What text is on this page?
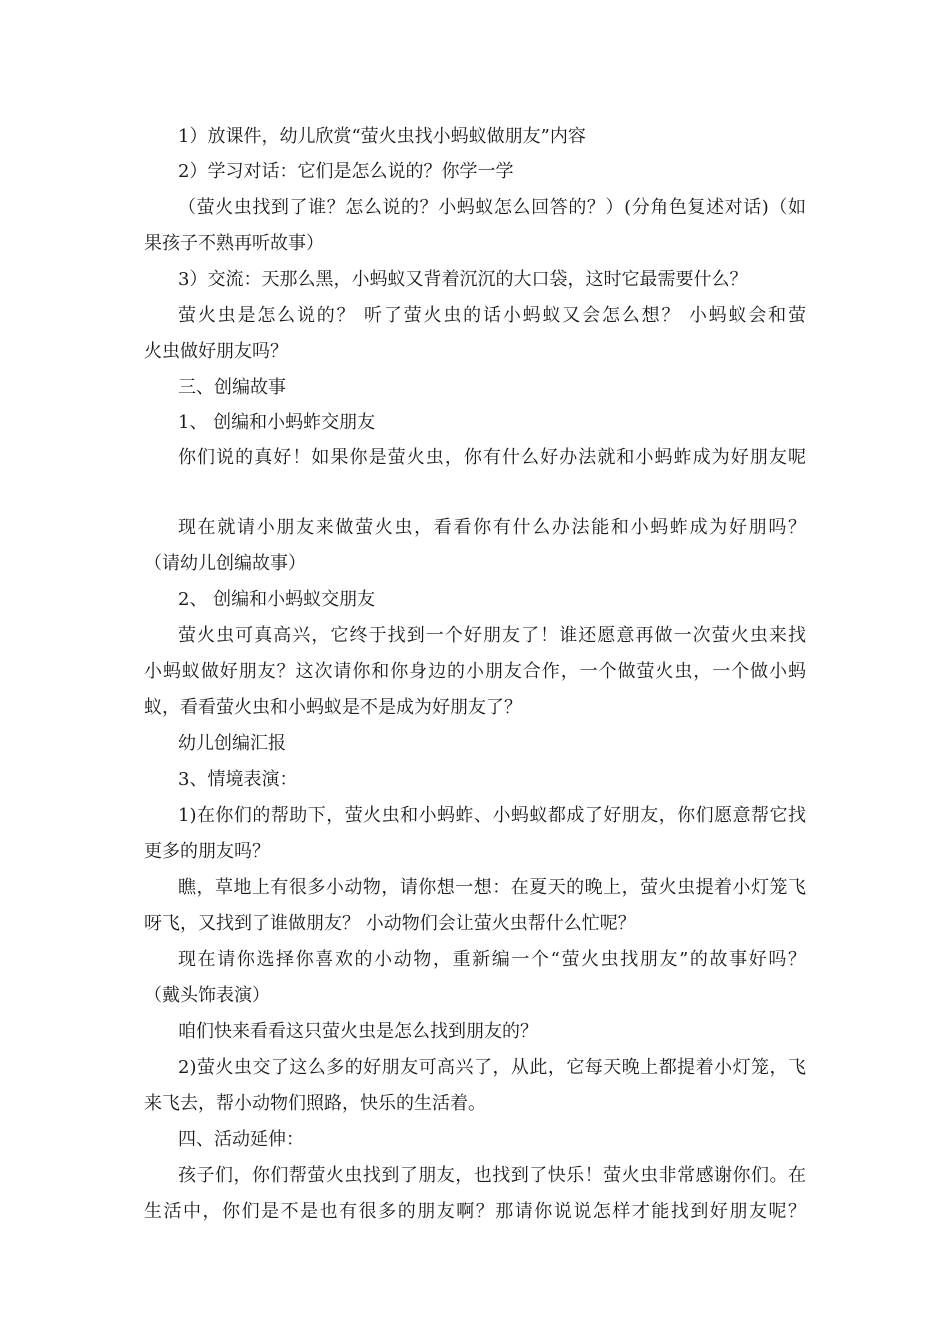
1）放课件，幼儿欣赏“萤火虫找小蚂蚁做朋友”内容
2）学习对话：它们是怎么说的？你学一学
（萤火虫找到了谁？怎么说的？小蚂蚁怎么回答的？）(分角色复述对话)（如
果孩子不熟再听故事）
3）交流：天那么黑，小蚂蚁又背着沉沉的大口袋，这时它最需要什么？
萤火虫是怎么说的？ 听了萤火虫的话小蚂蚁又会怎么想？ 小蚂蚁会和萤
火虫做好朋友吗？
三、创编故事
1、 创编和小蚂蚱交朋友
你们说的真好！如果你是萤火虫，你有什么好办法就和小蚂蚱成为好朋友呢
现在就请小朋友来做萤火虫，看看你有什么办法能和小蚂蚱成为好朋吗？
（请幼儿创编故事）
2、 创编和小蚂蚁交朋友
萤火虫可真高兴，它终于找到一个好朋友了！谁还愿意再做一次萤火虫来找
小蚂蚁做好朋友？这次请你和你身边的小朋友合作，一个做萤火虫，一个做小蚂
蚁，看看萤火虫和小蚂蚁是不是成为好朋友了？
幼儿创编汇报
3、情境表演：
1)在你们的帮助下，萤火虫和小蚂蚱、小蚂蚁都成了好朋友，你们愿意帮它找
更多的朋友吗？
瞧，草地上有很多小动物，请你想一想：在夏天的晚上，萤火虫提着小灯笼飞
呀飞，又找到了谁做朋友？ 小动物们会让萤火虫帮什么忙呢？
现在请你选择你喜欢的小动物，重新编一个“萤火虫找朋友”的故事好吗？
（戴头饰表演）
咱们快来看看这只萤火虫是怎么找到朋友的？
2)萤火虫交了这么多的好朋友可高兴了，从此，它每天晚上都提着小灯笼，飞
来飞去，帮小动物们照路，快乐的生活着。
四、活动延伸：
孩子们，你们帮萤火虫找到了朋友，也找到了快乐！萤火虫非常感谢你们。在
生活中，你们是不是也有很多的朋友啊？那请你说说怎样才能找到好朋友呢？
